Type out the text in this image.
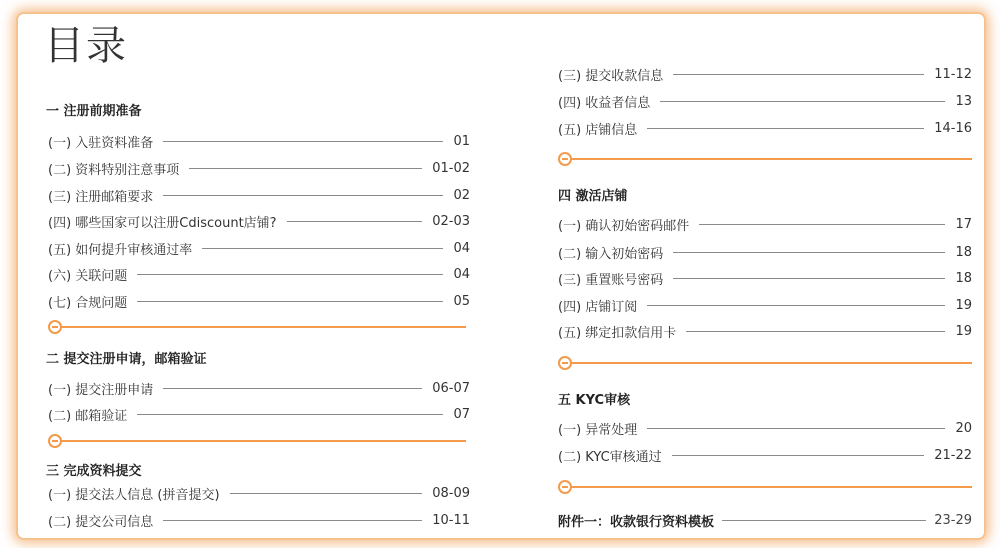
目录
一 注册前期准备
(一) 入驻资料准备	01
(二) 资料特别注意事项	01-02
(三) 注册邮箱要求	02
(四) 哪些国家可以注册Cdiscount店铺?	02-03
(五) 如何提升审核通过率	04
(六) 关联问题	04
(七) 合规问题	05
二 提交注册申请，邮箱验证
(一) 提交注册申请	06-07
(二) 邮箱验证	07
三 完成资料提交
(一) 提交法人信息 (拼音提交)	08-09
(二) 提交公司信息	10-11
(三) 提交收款信息	11-12
(四) 收益者信息	13
(五) 店铺信息	14-16
四 激活店铺
(一) 确认初始密码邮件	17
(二) 输入初始密码	18
(三) 重置账号密码	18
(四) 店铺订阅	19
(五) 绑定扣款信用卡	19
五 KYC审核
(一) 异常处理	20
(二) KYC审核通过	21-22
附件一：收款银行资料模板	23-29
